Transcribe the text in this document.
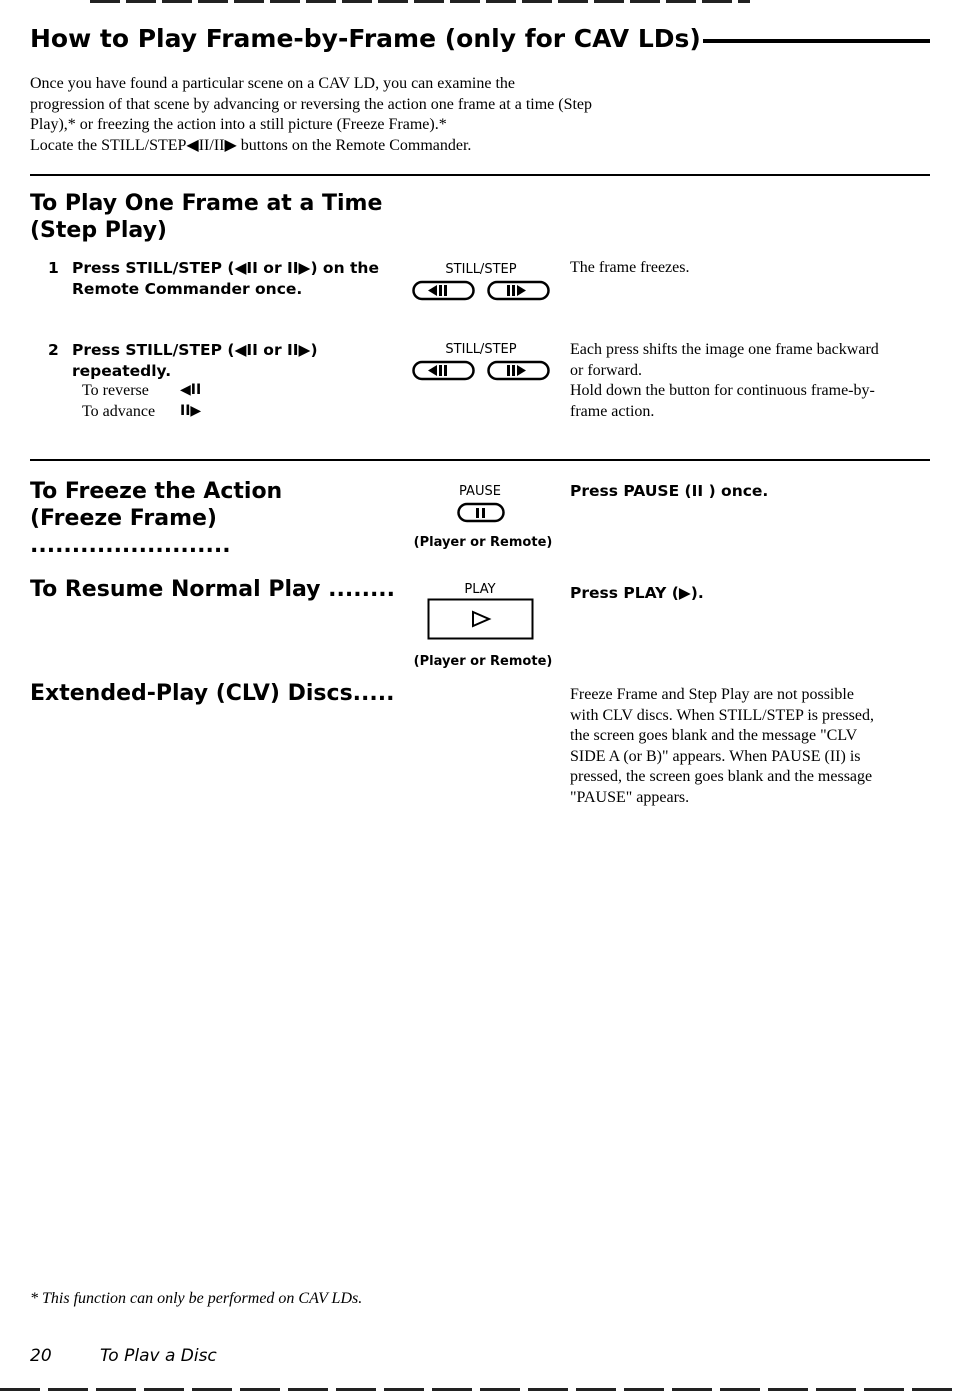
How to Play Frame-by-Frame (only for CAV LDs)

Once you have found a particular scene on a CAV LD, you can examine the

progression of that scene by advancing or reversing the action one frame at a time (Step

Play),* or freezing the action into a still picture (Freeze Frame).*

Locate the STILL/STEP◀II/II▶ buttons on the Remote Commander.

To Play One Frame at a Time
(Step Play)
1 Press STILL/STEP (◀II or II▶) on the
Remote Commander once.
STILL/STEP	The frame freezes.
2 Press STILL/STEP (◀II or II▶)
repeatedly.
To reverse ◀II
To advance II▶
STILL/STEP	Each press shifts the image one frame backward
or forward.
Hold down the button for continuous frame-by-
frame action.
To Freeze the Action
(Freeze Frame) ........................
PAUSE
(Player or Remote)
Press PAUSE (II ) once.
To Resume Normal Play ........	PLAY
(Player or Remote)
Press PLAY (▶).
Extended-Play (CLV) Discs.....	Freeze Frame and Step Play are not possible
with CLV discs. When STILL/STEP is pressed,
the screen goes blank and the message "CLV
SIDE A (or B)" appears. When PAUSE (II) is
pressed, the screen goes blank and the message
"PAUSE" appears.
* This function can only be performed on CAV LDs.
20	To Plav a Disc
